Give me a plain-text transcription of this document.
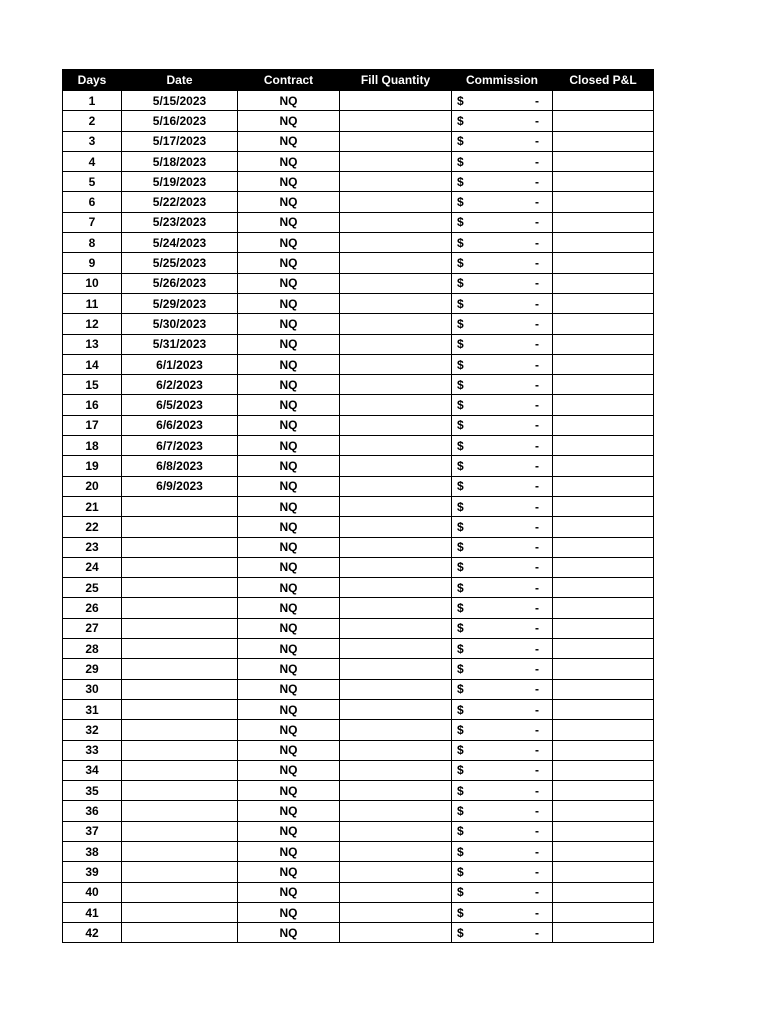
Days	Date	Contract	Fill Quantity	Commission	Closed P&L
1	5/15/2023	NQ		$ -	

2	5/16/2023	NQ		$ -	

3	5/17/2023	NQ		$ -	

4	5/18/2023	NQ		$ -	

5	5/19/2023	NQ		$ -	

6	5/22/2023	NQ		$ -	

7	5/23/2023	NQ		$ -	

8	5/24/2023	NQ		$ -	

9	5/25/2023	NQ		$ -	

10	5/26/2023	NQ		$ -	

11	5/29/2023	NQ		$ -	

12	5/30/2023	NQ		$ -	

13	5/31/2023	NQ		$ -	

14	6/1/2023	NQ		$ -	

15	6/2/2023	NQ		$ -	

16	6/5/2023	NQ		$ -	

17	6/6/2023	NQ		$ -	

18	6/7/2023	NQ		$ -	

19	6/8/2023	NQ		$ -	

20	6/9/2023	NQ		$ -	

21		NQ		$ -	

22		NQ		$ -	

23		NQ		$ -	

24		NQ		$ -	

25		NQ		$ -	

26		NQ		$ -	

27		NQ		$ -	

28		NQ		$ -	

29		NQ		$ -	

30		NQ		$ -	

31		NQ		$ -	

32		NQ		$ -	

33		NQ		$ -	

34		NQ		$ -	

35		NQ		$ -	

36		NQ		$ -	

37		NQ		$ -	

38		NQ		$ -	

39		NQ		$ -	

40		NQ		$ -	

41		NQ		$ -	

42		NQ		$ -	
